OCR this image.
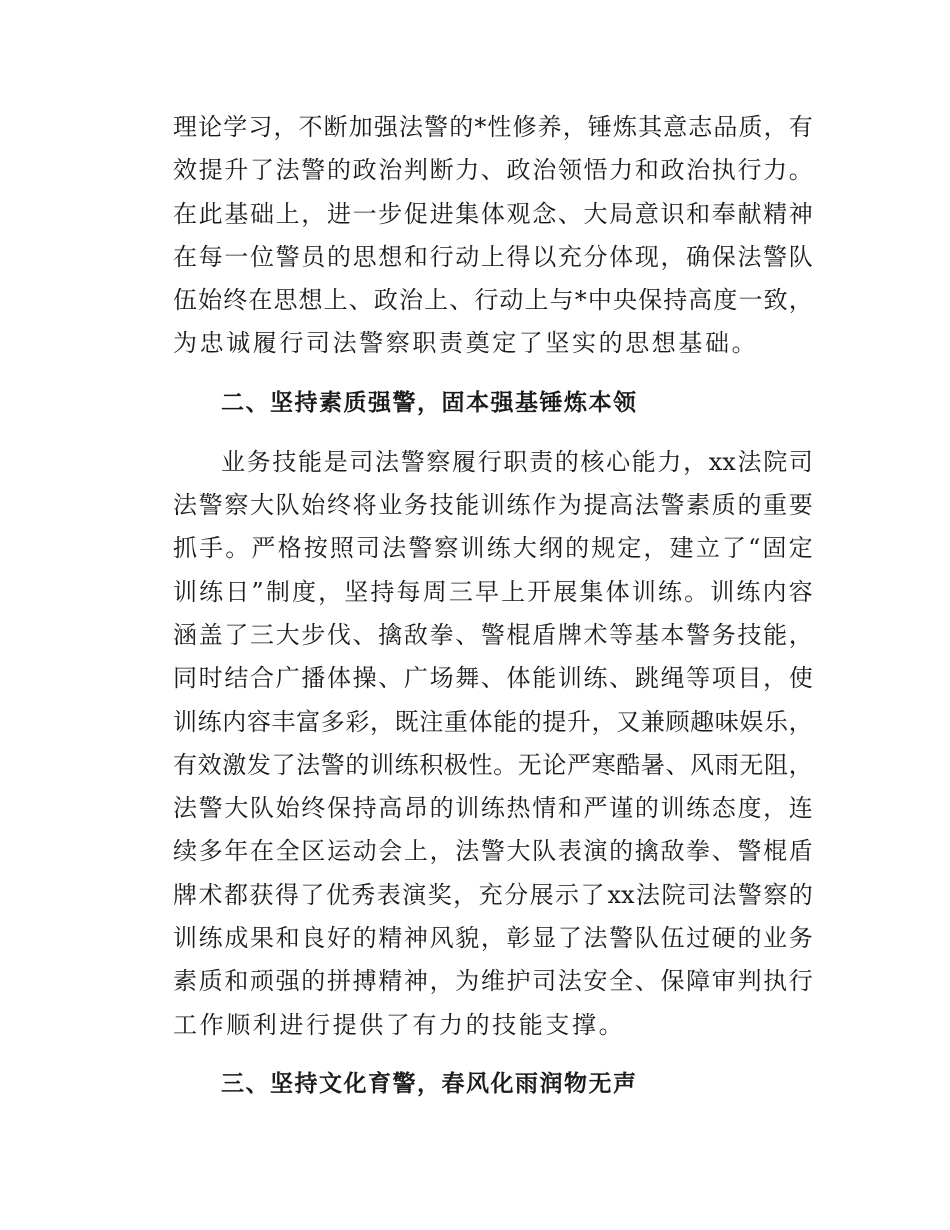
理 论 学 习 ， 不 断 加 强 法 警 的 * 性 修 养 ， 锤 炼 其 意 志 品 质 ， 有
效 提 升 了 法 警 的 政 治 判 断 力 、 政 治 领 悟 力 和 政 治 执 行 力 。
在 此 基 础 上 ， 进 一 步 促 进 集 体 观 念 、 大 局 意 识 和 奉 献 精 神
在 每 一 位 警 员 的 思 想 和 行 动 上 得 以 充 分 体 现 ， 确 保 法 警 队
伍 始 终 在 思 想 上 、 政 治 上 、 行 动 上 与 * 中 央 保 持 高 度 一 致 ，
为忠诚履行司法警察职责奠定了坚实的思想基础。
二、坚持素质强警，固本强基锤炼本领
业 务 技 能 是 司 法 警 察 履 行 职 责 的 核 心 能 力 ， xx 法 院 司
法 警 察 大 队 始 终 将 业 务 技 能 训 练 作 为 提 高 法 警 素 质 的 重 要
抓 手 。 严 格 按 照 司 法 警 察 训 练 大 纲 的 规 定 ， 建 立 了 “ 固 定
训 练 日 ” 制 度 ， 坚 持 每 周 三 早 上 开 展 集 体 训 练 。 训 练 内 容
涵 盖 了 三 大 步 伐 、 擒 敌 拳 、 警 棍 盾 牌 术 等 基 本 警 务 技 能 ，
同 时 结 合 广 播 体 操 、 广 场 舞 、 体 能 训 练 、 跳 绳 等 项 目 ， 使
训 练 内 容 丰 富 多 彩 ， 既 注 重 体 能 的 提 升 ， 又 兼 顾 趣 味 娱 乐 ，
有 效 激 发 了 法 警 的 训 练 积 极 性 。 无 论 严 寒 酷 暑 、 风 雨 无 阻 ，
法 警 大 队 始 终 保 持 高 昂 的 训 练 热 情 和 严 谨 的 训 练 态 度 ， 连
续 多 年 在 全 区 运 动 会 上 ， 法 警 大 队 表 演 的 擒 敌 拳 、 警 棍 盾
牌 术 都 获 得 了 优 秀 表 演 奖 ， 充 分 展 示 了 xx 法 院 司 法 警 察 的
训 练 成 果 和 良 好 的 精 神 风 貌 ， 彰 显 了 法 警 队 伍 过 硬 的 业 务
素 质 和 顽 强 的 拼 搏 精 神 ， 为 维 护 司 法 安 全 、 保 障 审 判 执 行
工作顺利进行提供了有力的技能支撑。
三、坚持文化育警，春风化雨润物无声
